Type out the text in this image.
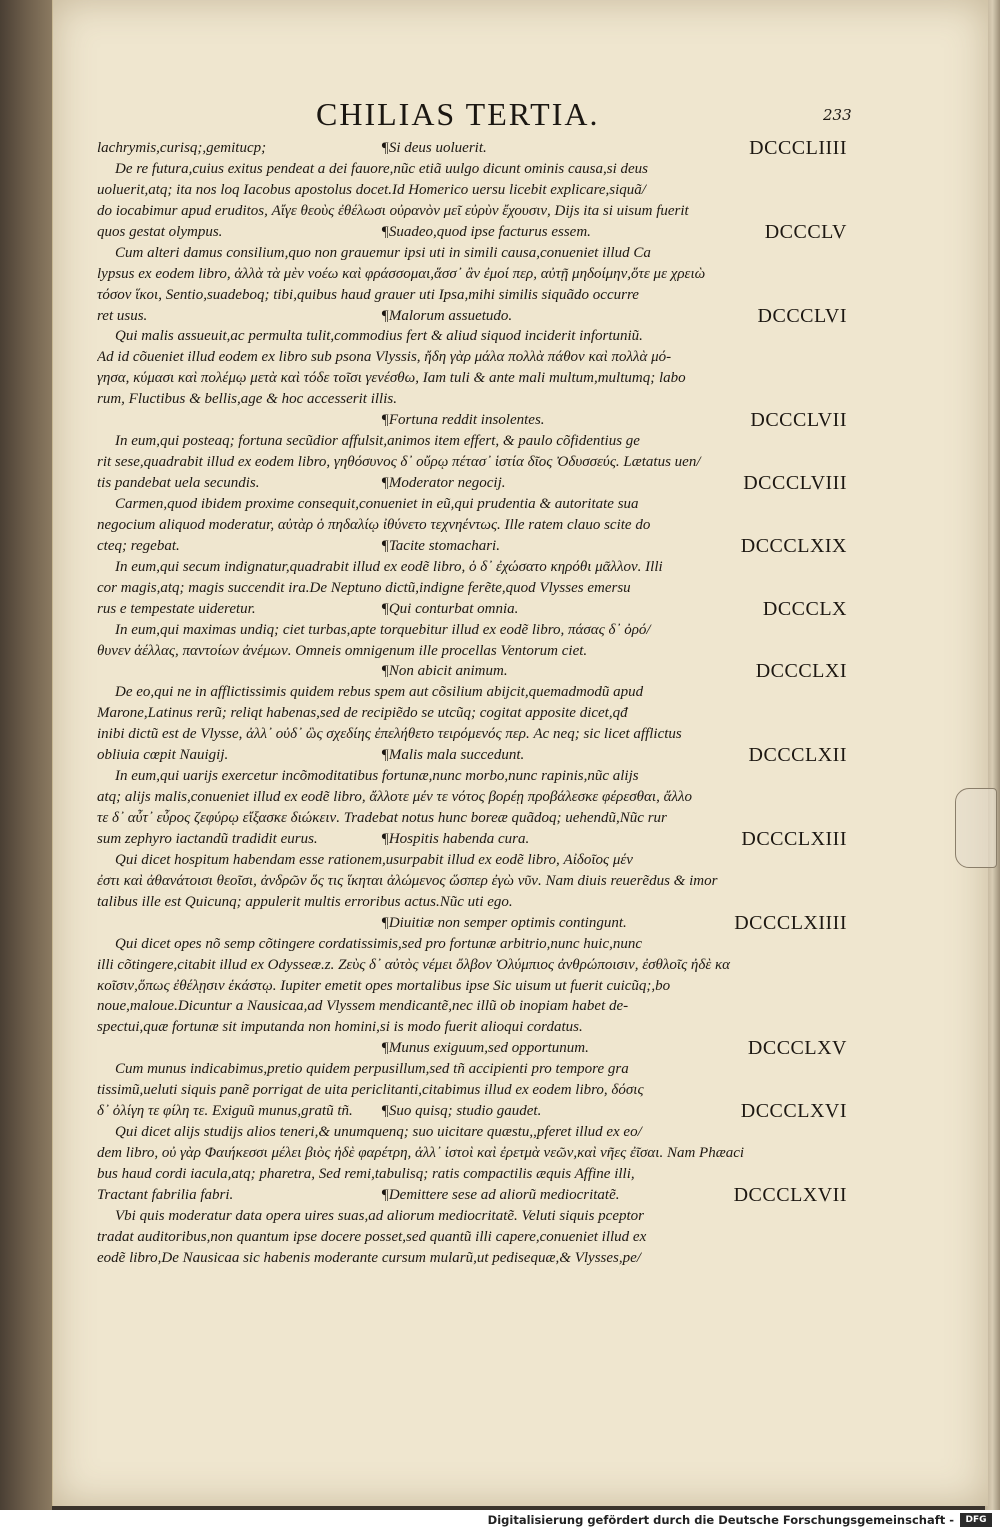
CHILIAS TERTIA.	233
lachrymis,curisq;,gemitucp;	¶Si deus uoluerit.	DCCCLIIII
De re futura,cuius exitus pendeat a dei fauore,nũc etiã uulgo dicunt ominis causa,si deus
uoluerit,atq; ita nos loq Iacobus apostolus docet.Id Homerico uersu licebit explicare,siquã/
do iocabimur apud eruditos, Αἴγε θεοὺς ἐθέλωσι οὐρανὸν μεῖ εὐρὺν ἔχουσιν, Dijs ita si uisum fuerit
quos gestat olympus.	¶Suadeo,quod ipse facturus essem.	DCCCLV
Cum alteri damus consilium,quo non grauemur ipsi uti in simili causa,conueniet illud Ca
lypsus ex eodem libro, ἀλλὰ τὰ μὲν νοέω καὶ φράσσομαι,ἅσσ᾽ ἂν ἐμοί περ, αὐτῇ μηδοίμην,ὅτε με χρειὼ
τόσον ἵκοι, Sentio,suadeboq; tibi,quibus haud grauer uti Ipsa,mihi similis siquãdo occurre
ret usus.	¶Malorum assuetudo.	DCCCLVI
Qui malis assueuit,ac permulta tulit,commodius fert & aliud siquod inciderit infortuniũ.
Ad id cõueniet illud eodem ex libro sub psona Vlyssis, ἤδη γὰρ μάλα πολλὰ πάθον καὶ πολλὰ μό-
γησα, κύμασι καὶ πολέμῳ μετὰ καὶ τόδε τοῖσι γενέσθω, Iam tuli & ante mali multum,multumq; labo
rum, Fluctibus & bellis,age & hoc accesserit illis.
¶Fortuna reddit insolentes.	DCCCLVII
In eum,qui posteaq; fortuna secũdior affulsit,animos item effert, & paulo cõfidentius ge
rit sese,quadrabit illud ex eodem libro, γηθόσυνος δ᾽ οὔρῳ πέτασ᾽ ἱστία δῖος Ὀδυσσεύς. Lætatus uen/
tis pandebat uela secundis.	¶Moderator negocij.	DCCCLVIII
Carmen,quod ibidem proxime consequit,conueniet in eũ,qui prudentia & autoritate sua
negocium aliquod moderatur, αὐτὰρ ὁ πηδαλίῳ ἰθύνετο τεχνηέντως. Ille ratem clauo scite do
cteq; regebat.	¶Tacite stomachari.	DCCCLXIX
In eum,qui secum indignatur,quadrabit illud ex eodẽ libro, ὁ δ᾽ ἐχώσατο κηρόθι μᾶλλον. Illi
cor magis,atq; magis succendit ira.De Neptuno dictũ,indigne ferẽte,quod Vlysses emersu
rus e tempestate uideretur.	¶Qui conturbat omnia.	DCCCLX
In eum,qui maximas undiq; ciet turbas,apte torquebitur illud ex eodẽ libro, πάσας δ᾽ ὀρό/
θυνεν ἀέλλας, παντοίων ἀνέμων. Omneis omnigenum ille procellas Ventorum ciet.
¶Non abicit animum.	DCCCLXI
De eo,qui ne in afflictissimis quidem rebus spem aut cõsilium abijcit,quemadmodũ apud
Marone,Latinus rerũ; reliqt habenas,sed de recipiẽdo se utcũq; cogitat apposite dicet,qđ
inibi dictũ est de Vlysse, ἀλλ᾽ οὐδ᾽ ὣς σχεδίης ἐπελήθετο τειρόμενός περ. Ac neq; sic licet afflictus
obliuia cœpit Nauigij.	¶Malis mala succedunt.	DCCCLXII
In eum,qui uarijs exercetur incõmoditatibus fortunæ,nunc morbo,nunc rapinis,nũc alijs
atq; alijs malis,conueniet illud ex eodẽ libro, ἄλλοτε μέν τε νότος βορέῃ προβάλεσκε φέρεσθαι, ἄλλο
τε δ᾽ αὖτ᾽ εὖρος ζεφύρῳ εἴξασκε διώκειν. Tradebat notus hunc boreæ quãdoq; uehendũ,Nũc rur
sum zephyro iactandũ tradidit eurus.	¶Hospitis habenda cura.	DCCCLXIII
Qui dicet hospitum habendam esse rationem,usurpabit illud ex eodẽ libro, Αἰδοῖος μέν
ἐστι καὶ ἀθανάτοισι θεοῖσι, ἀνδρῶν ὅς τις ἵκηται ἀλώμενος ὥσπερ ἐγὼ νῦν. Nam diuis reuerẽdus & imor
talibus ille est Quicunq; appulerit multis erroribus actus.Nũc uti ego.
¶Diuitiæ non semper optimis contingunt.	DCCCLXIIII
Qui dicet opes nõ semp cõtingere cordatissimis,sed pro fortunæ arbitrio,nunc huic,nunc
illi cõtingere,citabit illud ex Odysseæ.z. Ζεὺς δ᾽ αὐτὸς νέμει ὄλβον Ὀλύμπιος ἀνθρώποισιν, ἐσθλοῖς ἠδὲ κα
κοῖσιν,ὅπως ἐθέλῃσιν ἑκάστῳ. Iupiter emetit opes mortalibus ipse Sic uisum ut fuerit cuicũq;,bo
noue,maloue.Dicuntur a Nausicaa,ad Vlyssem mendicantẽ,nec illũ ob inopiam habet de-
spectui,quæ fortunæ sit imputanda non homini,si is modo fuerit alioqui cordatus.
¶Munus exiguum,sed opportunum.	DCCCLXV
Cum munus indicabimus,pretio quidem perpusillum,sed tñ accipienti pro tempore gra
tissimũ,ueluti siquis panẽ porrigat de uita periclitanti,citabimus illud ex eodem libro, δόσις
δ᾽ ὀλίγη τε φίλη τε. Exiguũ munus,gratũ tñ. ¶Suo quisq; studio gaudet.	DCCCLXVI
Qui dicet alijs studijs alios teneri,& unumquenq; suo uicitare quæstu,,pferet illud ex eo/
dem libro, οὐ γὰρ Φαιήκεσσι μέλει βιὸς ἠδὲ φαρέτρη, ἀλλ᾽ ἱστοὶ καὶ ἐρετμὰ νεῶν,καὶ νῆες ἐῖσαι. Nam Phæaci
bus haud cordi iacula,atq; pharetra, Sed remi,tabulisq; ratis compactilis æquis Affine illi,
Tractant fabrilia fabri.	¶Demittere sese ad aliorũ mediocritatẽ.	DCCCLXVII
Vbi quis moderatur data opera uires suas,ad aliorum mediocritatẽ. Veluti siquis pceptor
tradat auditoribus,non quantum ipse docere posset,sed quantũ illi capere,conueniet illud ex
eodẽ libro,De Nausicaa sic habenis moderante cursum mularũ,ut pedisequæ,& Vlysses,pe/
Digitalisierung gefördert durch die Deutsche Forschungsgemeinschaft -	DFG
